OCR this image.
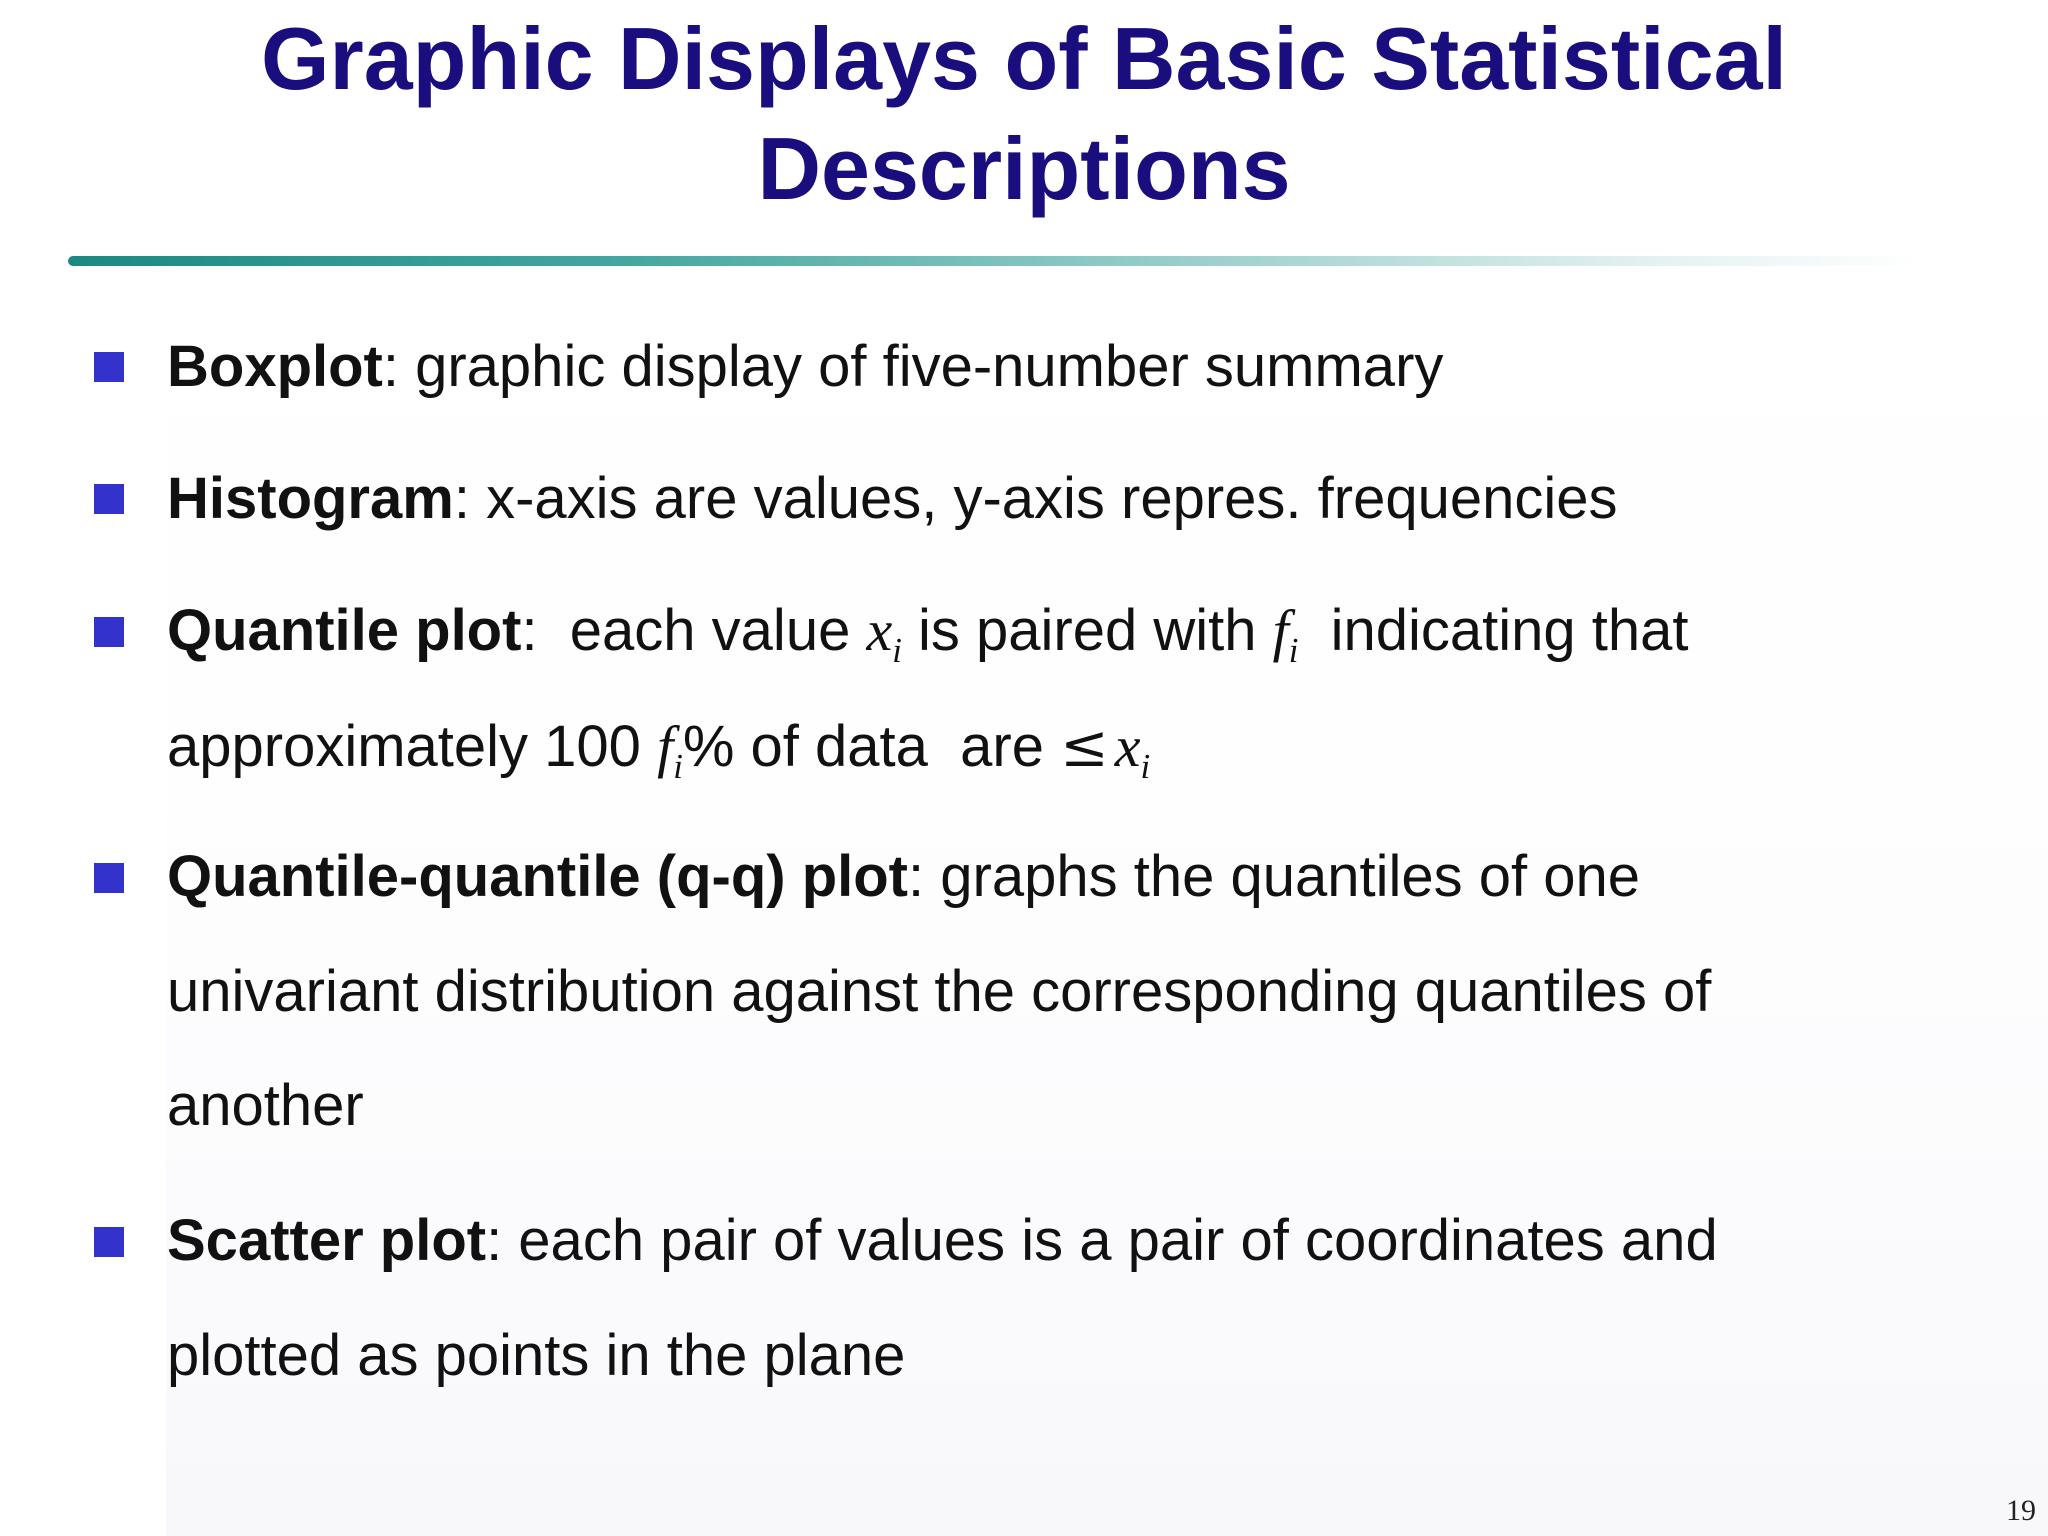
Graphic Displays of Basic Statistical
Descriptions
Boxplot: graphic display of five-number summary
Histogram: x-axis are values, y-axis repres. frequencies
Quantile plot:  each value $x_i$ is paired with $f_i$  indicating that
approximately 100 $f_i\%$ of data  are ≤ $x_i$
Quantile-quantile (q-q) plot: graphs the quantiles of one
univariant distribution against the corresponding quantiles of
another
Scatter plot: each pair of values is a pair of coordinates and
plotted as points in the plane
19
